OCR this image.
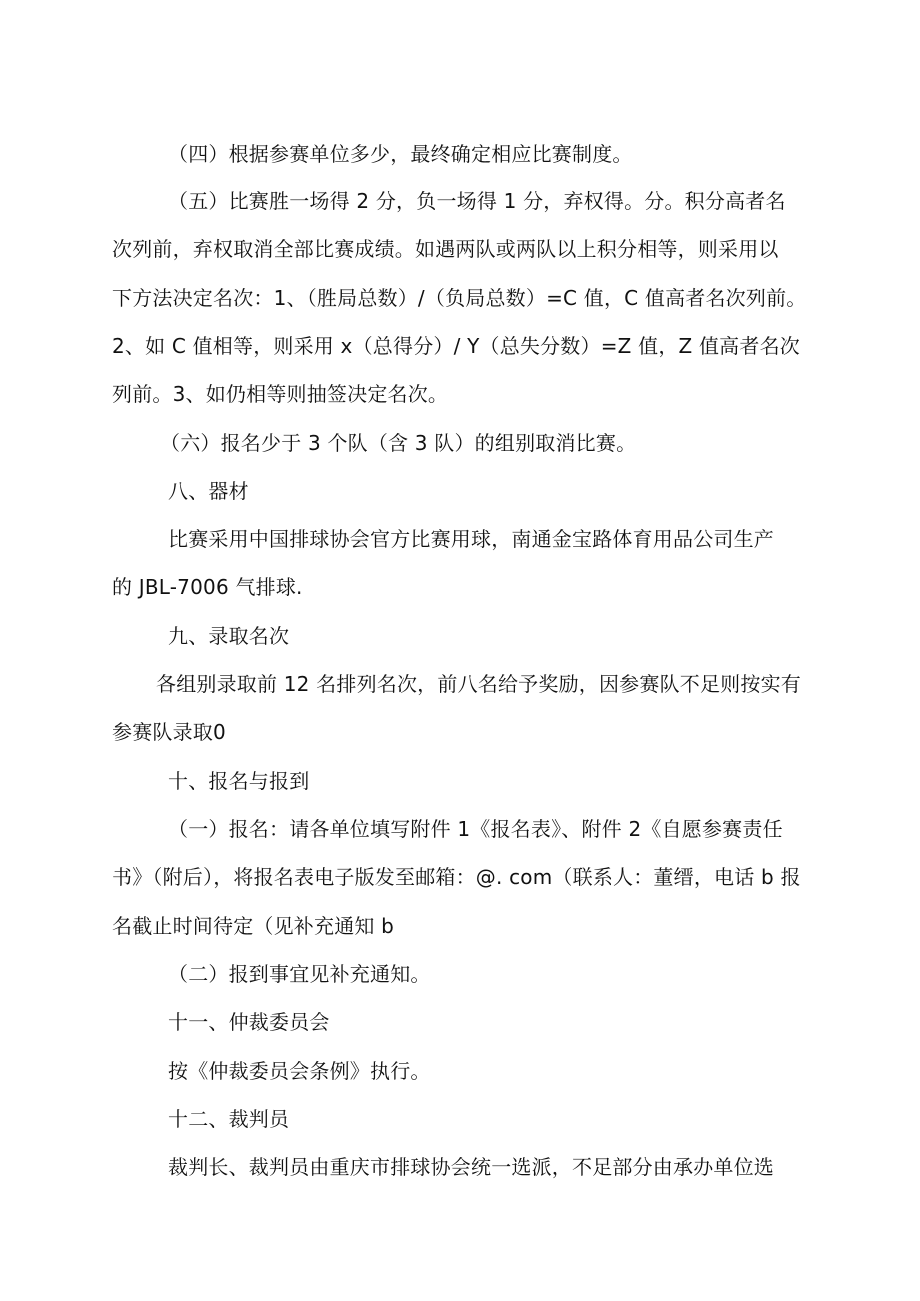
（四）根据参赛单位多少，最终确定相应比赛制度。
（五）比赛胜一场得 2 分，负一场得 1 分，弃权得。分。积分高者名
次列前，弃权取消全部比赛成绩。如遇两队或两队以上积分相等，则采用以
下方法决定名次：1、（胜局总数）/（负局总数）=C 值，C 值高者名次列前。
2、如 C 值相等，则采用 x（总得分）/ Y（总失分数）=Z 值，Z 值高者名次
列前。3、如仍相等则抽签决定名次。
（六）报名少于 3 个队（含 3 队）的组别取消比赛。
八、器材
比赛采用中国排球协会官方比赛用球，南通金宝路体育用品公司生产
的 JBL-7006 气排球.
九、录取名次
各组别录取前 12 名排列名次，前八名给予奖励，因参赛队不足则按实有
参赛队录取0
十、报名与报到
（一）报名：请各单位填写附件 1《报名表》、附件 2《自愿参赛责任
书》（附后），将报名表电子版发至邮箱：@. com（联系人：董缙，电话 b 报
名截止时间待定（见补充通知 b
（二）报到事宜见补充通知。
十一、仲裁委员会
按《仲裁委员会条例》执行。
十二、裁判员
裁判长、裁判员由重庆市排球协会统一选派，不足部分由承办单位选
